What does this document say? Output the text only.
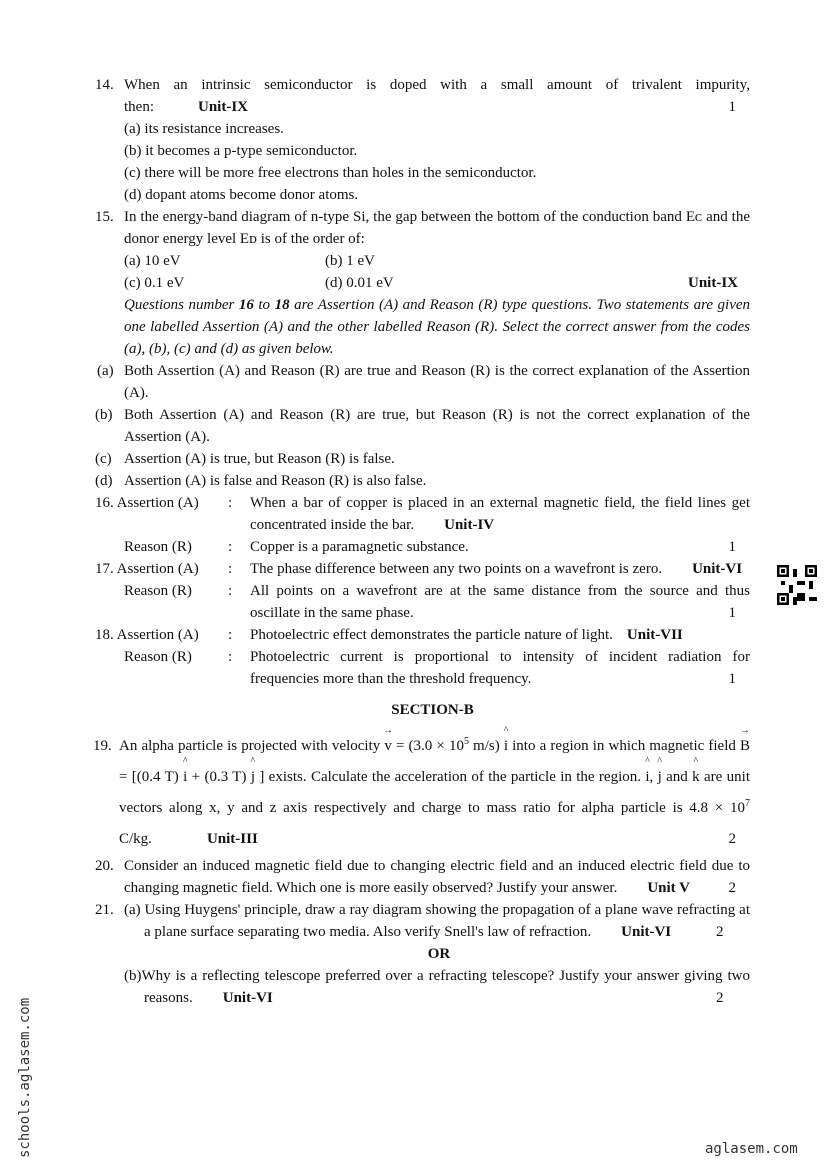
14. When an intrinsic semiconductor is doped with a small amount of trivalent impurity,
then:	Unit-IX	1
(a) its resistance increases.
(b) it becomes a p-type semiconductor.
(c) there will be more free electrons than holes in the semiconductor.
(d) dopant atoms become donor atoms.
15. In the energy-band diagram of n-type Si, the gap between the bottom of the conduction band Eᴄ and the donor energy level Eᴅ is of the order of:
(a) 10 eV	(b) 1 eV
(c) 0.1 eV	(d) 0.01 eV	Unit-IX
Questions number 16 to 18 are Assertion (A) and Reason (R) type questions. Two statements are given one labelled Assertion (A) and the other labelled Reason (R). Select the correct answer from the codes (a), (b), (c) and (d) as given below.
(a) Both Assertion (A) and Reason (R) are true and Reason (R) is the correct explanation of the Assertion (A).
(b) Both Assertion (A) and Reason (R) are true, but Reason (R) is not the correct explanation of the Assertion (A).
(c) Assertion (A) is true, but Reason (R) is false.
(d) Assertion (A) is false and Reason (R) is also false.
16. Assertion (A)	:	When a bar of copper is placed in an external magnetic field, the field lines get concentrated inside the bar. Unit-IV
Reason (R)	:	Copper is a paramagnetic substance.	1
17. Assertion (A)	:	The phase difference between any two points on a wavefront is zero. Unit-VI
Reason (R)	:	All points on a wavefront are at the same distance from the source and thus oscillate in the same phase.	1
18. Assertion (A)	:	Photoelectric effect demonstrates the particle nature of light. Unit-VII
Reason (R)	:	Photoelectric current is proportional to intensity of incident radiation for frequencies more than the threshold frequency.	1
SECTION-B
19. An alpha particle is projected with velocity
→
$v = (3.0 \times 10^5$ m/s)
^
i into a region in which magnetic field
→
B = [(0.4 T)
^
i + (0.3 T)
^
j ] exists. Calculate the acceleration of the particle in the region.
^
i,
^
j and
^
k are unit vectors along x, y and z axis respectively and charge to mass ratio for alpha particle is $4.8 \times 10^7$ C/kg.	Unit-III	2
20. Consider an induced magnetic field due to changing electric field and an induced electric field due to changing magnetic field. Which one is more easily observed? Justify your answer. Unit V	2
21. (a) Using Huygens' principle, draw a ray diagram showing the propagation of a plane wave refracting at a plane surface separating two media. Also verify Snell's law of refraction. Unit-VI	2
OR
(b)Why is a reflecting telescope preferred over a refracting telescope? Justify your answer giving two reasons. Unit-VI	2
schools.aglasem.com	aglasem.com
